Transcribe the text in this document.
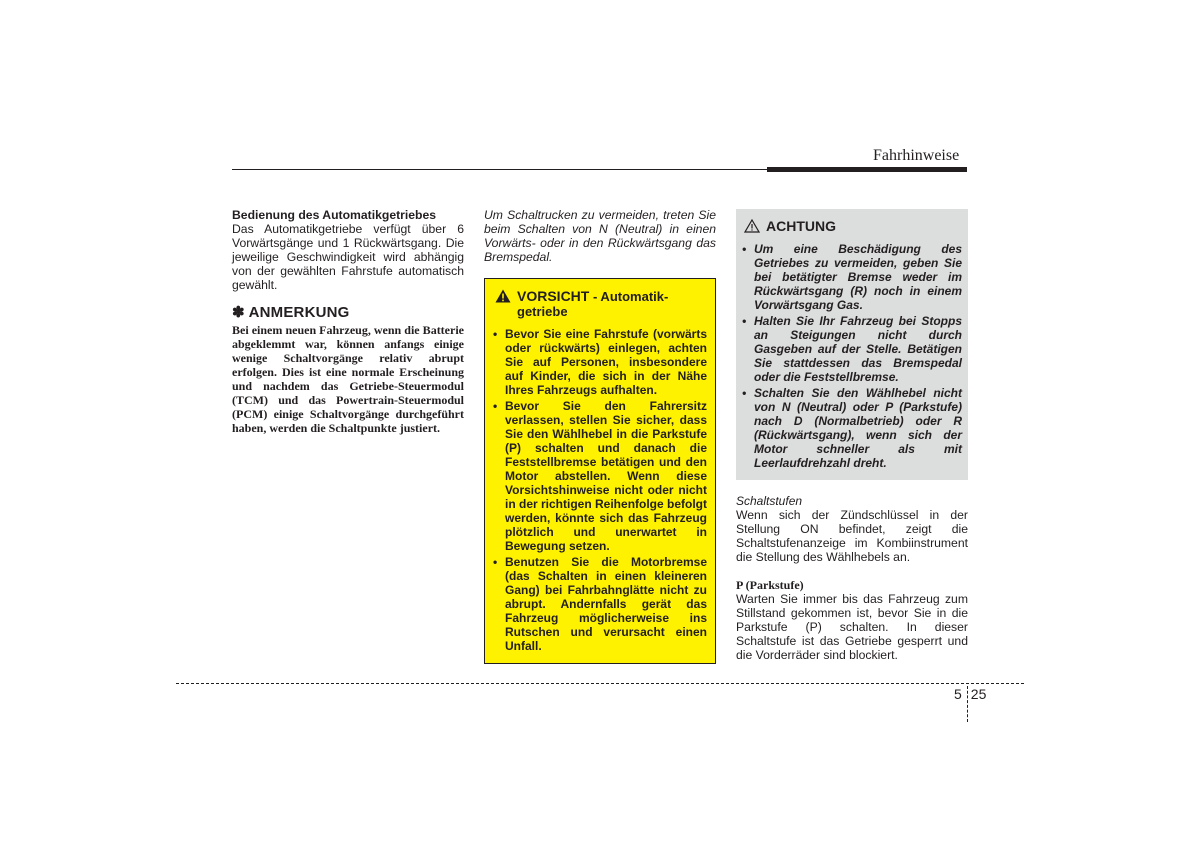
Fahrhinweise
Bedienung des Automatikgetriebes
Das Automatikgetriebe verfügt über 6 Vorwärtsgänge und 1 Rückwärtsgang. Die jeweilige Geschwindigkeit wird abhängig von der gewählten Fahrstufe automatisch gewählt.
✽ ANMERKUNG
Bei einem neuen Fahrzeug, wenn die Batterie abgeklemmt war, können anfangs einige wenige Schaltvorgänge relativ abrupt erfolgen. Dies ist eine normale Erscheinung und nachdem das Getriebe-Steuermodul (TCM) und das Powertrain-Steuermodul (PCM) einige Schaltvorgänge durchgeführt haben, werden die Schaltpunkte justiert.
Um Schaltrucken zu vermeiden, treten Sie beim Schalten von N (Neutral) in einen Vorwärts- oder in den Rückwärtsgang das Bremspedal.
VORSICHT - Automatik-getriebe
• Bevor Sie eine Fahrstufe (vorwärts oder rückwärts) einlegen, achten Sie auf Personen, insbesondere auf Kinder, die sich in der Nähe Ihres Fahrzeugs aufhalten.
• Bevor Sie den Fahrersitz verlassen, stellen Sie sicher, dass Sie den Wählhebel in die Parkstufe (P) schalten und danach die Feststellbremse betätigen und den Motor abstellen. Wenn diese Vorsichtshinweise nicht oder nicht in der richtigen Reihenfolge befolgt werden, könnte sich das Fahrzeug plötzlich und unerwartet in Bewegung setzen.
• Benutzen Sie die Motorbremse (das Schalten in einen kleineren Gang) bei Fahrbahnglätte nicht zu abrupt. Andernfalls gerät das Fahrzeug möglicherweise ins Rutschen und verursacht einen Unfall.
ACHTUNG
• Um eine Beschädigung des Getriebes zu vermeiden, geben Sie bei betätigter Bremse weder im Rückwärtsgang (R) noch in einem Vorwärtsgang Gas.
• Halten Sie Ihr Fahrzeug bei Stopps an Steigungen nicht durch Gasgeben auf der Stelle. Betätigen Sie stattdessen das Bremspedal oder die Feststellbremse.
• Schalten Sie den Wählhebel nicht von N (Neutral) oder P (Parkstufe) nach D (Normalbetrieb) oder R (Rückwärtsgang), wenn sich der Motor schneller als mit Leerlaufdrehzahl dreht.
Schaltstufen
Wenn sich der Zündschlüssel in der Stellung ON befindet, zeigt die Schaltstufenanzeige im Kombiinstrument die Stellung des Wählhebels an.
P (Parkstufe)
Warten Sie immer bis das Fahrzeug zum Stillstand gekommen ist, bevor Sie in die Parkstufe (P) schalten. In dieser Schaltstufe ist das Getriebe gesperrt und die Vorderräder sind blockiert.
5 25
